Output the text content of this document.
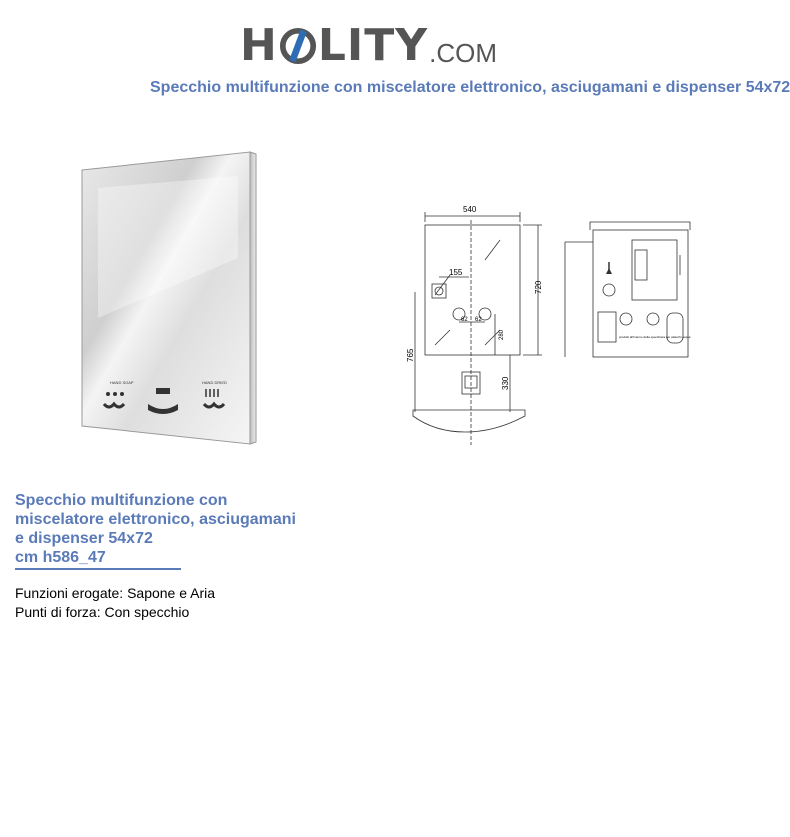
H LITY .COM
Specchio multifunzione con miscelatore elettronico, asciugamani e dispenser 54x72
HAND SOAP	HAND DRIED
540
720
155
62 62
280
765
330
prodotti all'interno della specchiera per attacchi acqua
Specchio multifunzione con
miscelatore elettronico, asciugamani
e dispenser 54x72
cm h586_47
Funzioni erogate: Sapone e Aria
Punti di forza: Con specchio
